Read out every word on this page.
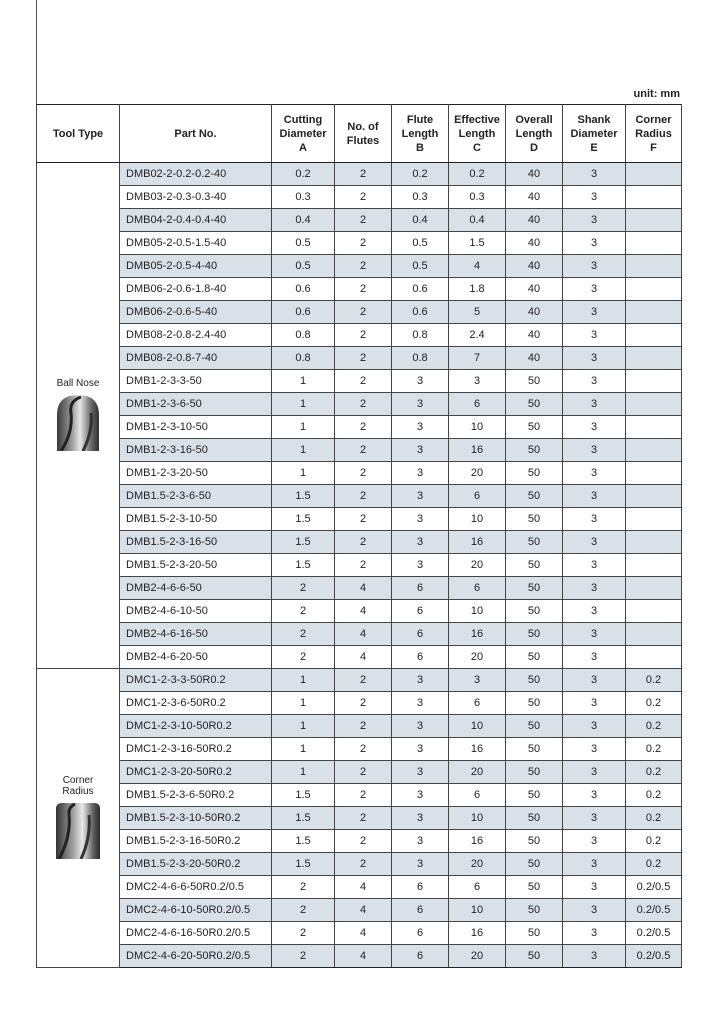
unit: mm
Tool Type	Part No.	Cutting
Diameter
A	No. of
Flutes	Flute
Length
B	Effective
Length
C	Overall
Length
D	Shank
Diameter
E	Corner
Radius
F

Ball Nose	DMB02-2-0.2-0.2-40	0.2	2	0.2	0.2	40	3	
	DMB03-2-0.3-0.3-40	0.3	2	0.3	0.3	40	3	
	DMB04-2-0.4-0.4-40	0.4	2	0.4	0.4	40	3	
	DMB05-2-0.5-1.5-40	0.5	2	0.5	1.5	40	3	
	DMB05-2-0.5-4-40	0.5	2	0.5	4	40	3	
	DMB06-2-0.6-1.8-40	0.6	2	0.6	1.8	40	3	
	DMB06-2-0.6-5-40	0.6	2	0.6	5	40	3	
	DMB08-2-0.8-2.4-40	0.8	2	0.8	2.4	40	3	
	DMB08-2-0.8-7-40	0.8	2	0.8	7	40	3	
	DMB1-2-3-3-50	1	2	3	3	50	3	
	DMB1-2-3-6-50	1	2	3	6	50	3	
	DMB1-2-3-10-50	1	2	3	10	50	3	
	DMB1-2-3-16-50	1	2	3	16	50	3	
	DMB1-2-3-20-50	1	2	3	20	50	3	
	DMB1.5-2-3-6-50	1.5	2	3	6	50	3	
	DMB1.5-2-3-10-50	1.5	2	3	10	50	3	
	DMB1.5-2-3-16-50	1.5	2	3	16	50	3	
	DMB1.5-2-3-20-50	1.5	2	3	20	50	3	
	DMB2-4-6-6-50	2	4	6	6	50	3	
	DMB2-4-6-10-50	2	4	6	10	50	3	
	DMB2-4-6-16-50	2	4	6	16	50	3	
	DMB2-4-6-20-50	2	4	6	20	50	3	

Corner
Radius	DMC1-2-3-3-50R0.2	1	2	3	3	50	3	0.2
	DMC1-2-3-6-50R0.2	1	2	3	6	50	3	0.2
	DMC1-2-3-10-50R0.2	1	2	3	10	50	3	0.2
	DMC1-2-3-16-50R0.2	1	2	3	16	50	3	0.2
	DMC1-2-3-20-50R0.2	1	2	3	20	50	3	0.2
	DMB1.5-2-3-6-50R0.2	1.5	2	3	6	50	3	0.2
	DMB1.5-2-3-10-50R0.2	1.5	2	3	10	50	3	0.2
	DMB1.5-2-3-16-50R0.2	1.5	2	3	16	50	3	0.2
	DMB1.5-2-3-20-50R0.2	1.5	2	3	20	50	3	0.2
	DMC2-4-6-6-50R0.2/0.5	2	4	6	6	50	3	0.2/0.5
	DMC2-4-6-10-50R0.2/0.5	2	4	6	10	50	3	0.2/0.5
	DMC2-4-6-16-50R0.2/0.5	2	4	6	16	50	3	0.2/0.5
	DMC2-4-6-20-50R0.2/0.5	2	4	6	20	50	3	0.2/0.5
